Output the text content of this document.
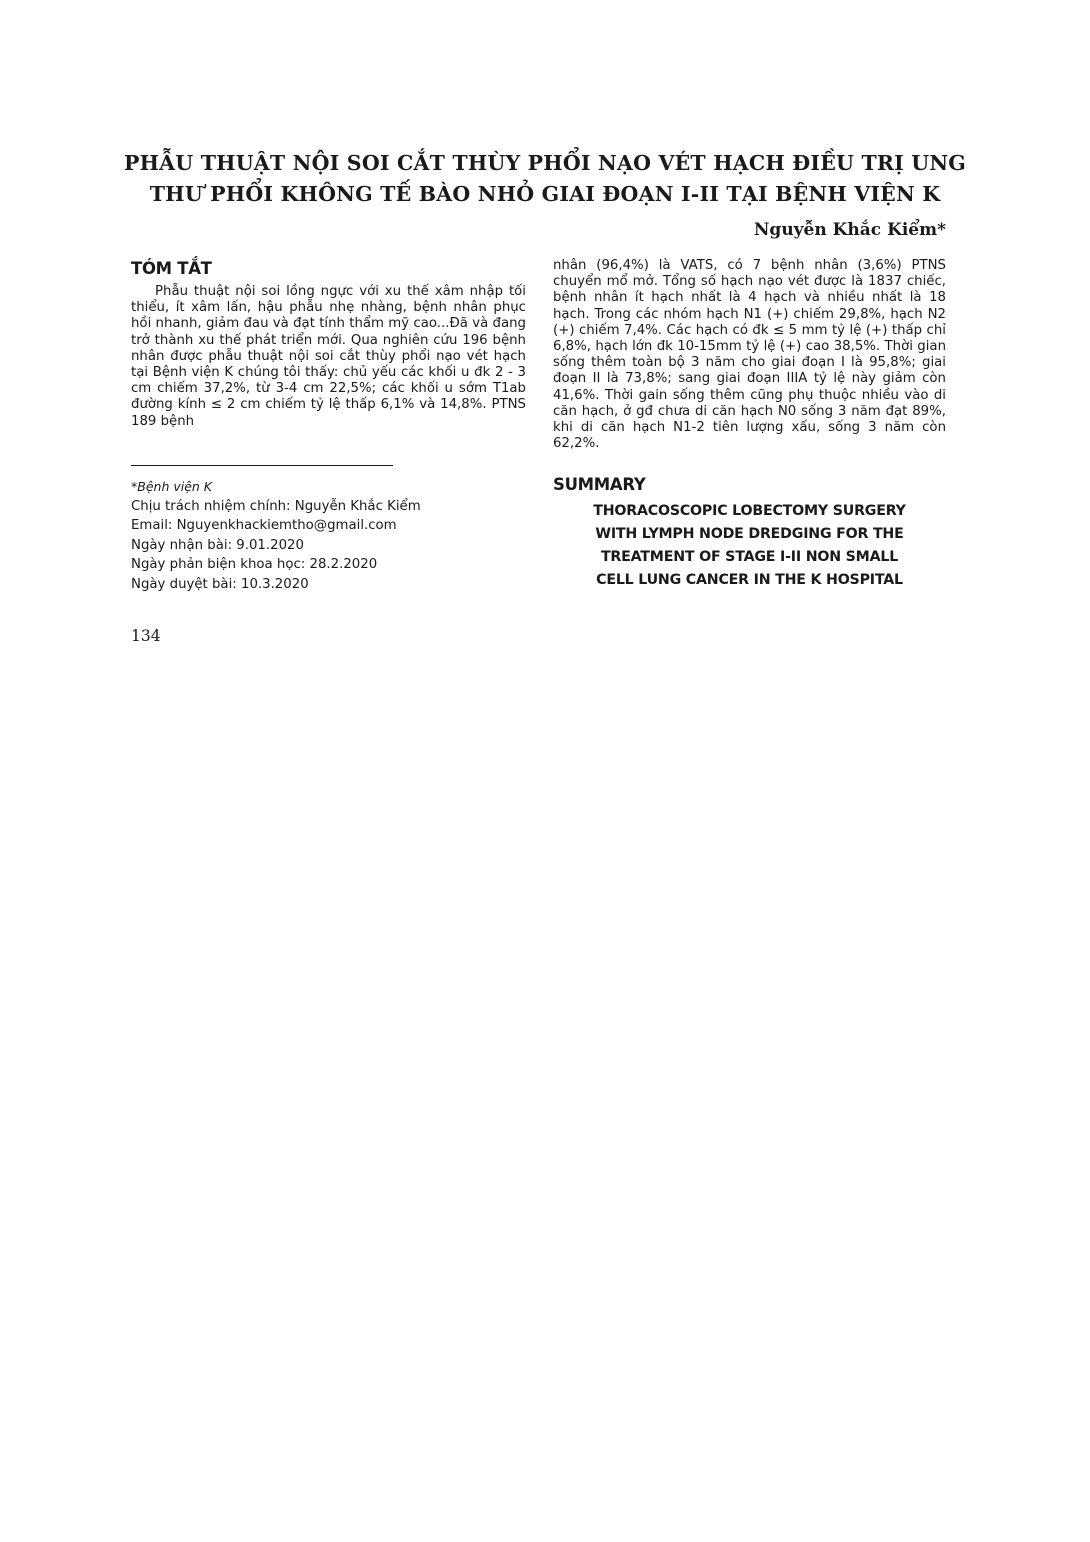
PHẪU THUẬT NỘI SOI CẮT THÙY PHỔI NẠO VÉT HẠCH ĐIỀU TRỊ UNG
THƯ PHỔI KHÔNG TẾ BÀO NHỎ GIAI ĐOẠN I-II TẠI BỆNH VIỆN K
Nguyễn Khắc Kiểm*
TÓM TẮT

Phẫu thuật nội soi lồng ngực với xu thế xâm nhập tối thiểu, ít xâm lấn, hậu phẫu nhẹ nhàng, bệnh nhân phục hồi nhanh, giảm đau và đạt tính thẩm mỹ cao...Đã và đang trở thành xu thế phát triển mới. Qua nghiên cứu 196 bệnh nhân được phẫu thuật nội soi cắt thùy phổi nạo vét hạch tại Bệnh viện K chúng tôi thấy: chủ yếu các khối u đk 2 - 3 cm chiếm 37,2%, từ 3-4 cm 22,5%; các khối u sớm T1ab đường kính ≤ 2 cm chiếm tỷ lệ thấp 6,1% và 14,8%. PTNS 189 bệnh

nhân (96,4%) là VATS, có 7 bệnh nhân (3,6%) PTNS chuyển mổ mở. Tổng số hạch nạo vét được là 1837 chiếc, bệnh nhân ít hạch nhất là 4 hạch và nhiều nhất là 18 hạch. Trong các nhóm hạch N1 (+) chiếm 29,8%, hạch N2 (+) chiếm 7,4%. Các hạch có đk ≤ 5 mm tỷ lệ (+) thấp chỉ 6,8%, hạch lớn đk 10-15mm tỷ lệ (+) cao 38,5%. Thời gian sống thêm toàn bộ 3 năm cho giai đoạn I là 95,8%; giai đoạn II là 73,8%; sang giai đoạn IIIA tỷ lệ này giảm còn 41,6%. Thời gain sống thêm cũng phụ thuộc nhiều vào di căn hạch, ở gđ chưa di căn hạch N0 sống 3 năm đạt 89%, khi di căn hạch N1-2 tiên lượng xấu, sống 3 năm còn 62,2%.

*Bệnh viện K
Chịu trách nhiệm chính: Nguyễn Khắc Kiểm
Email: Nguyenkhackiemtho@gmail.com
Ngày nhận bài: 9.01.2020
Ngày phản biện khoa học: 28.2.2020
Ngày duyệt bài: 10.3.2020
SUMMARY
THORACOSCOPIC LOBECTOMY SURGERY
WITH LYMPH NODE DREDGING FOR THE
TREATMENT OF STAGE I-II NON SMALL
CELL LUNG CANCER IN THE K HOSPITAL
134
